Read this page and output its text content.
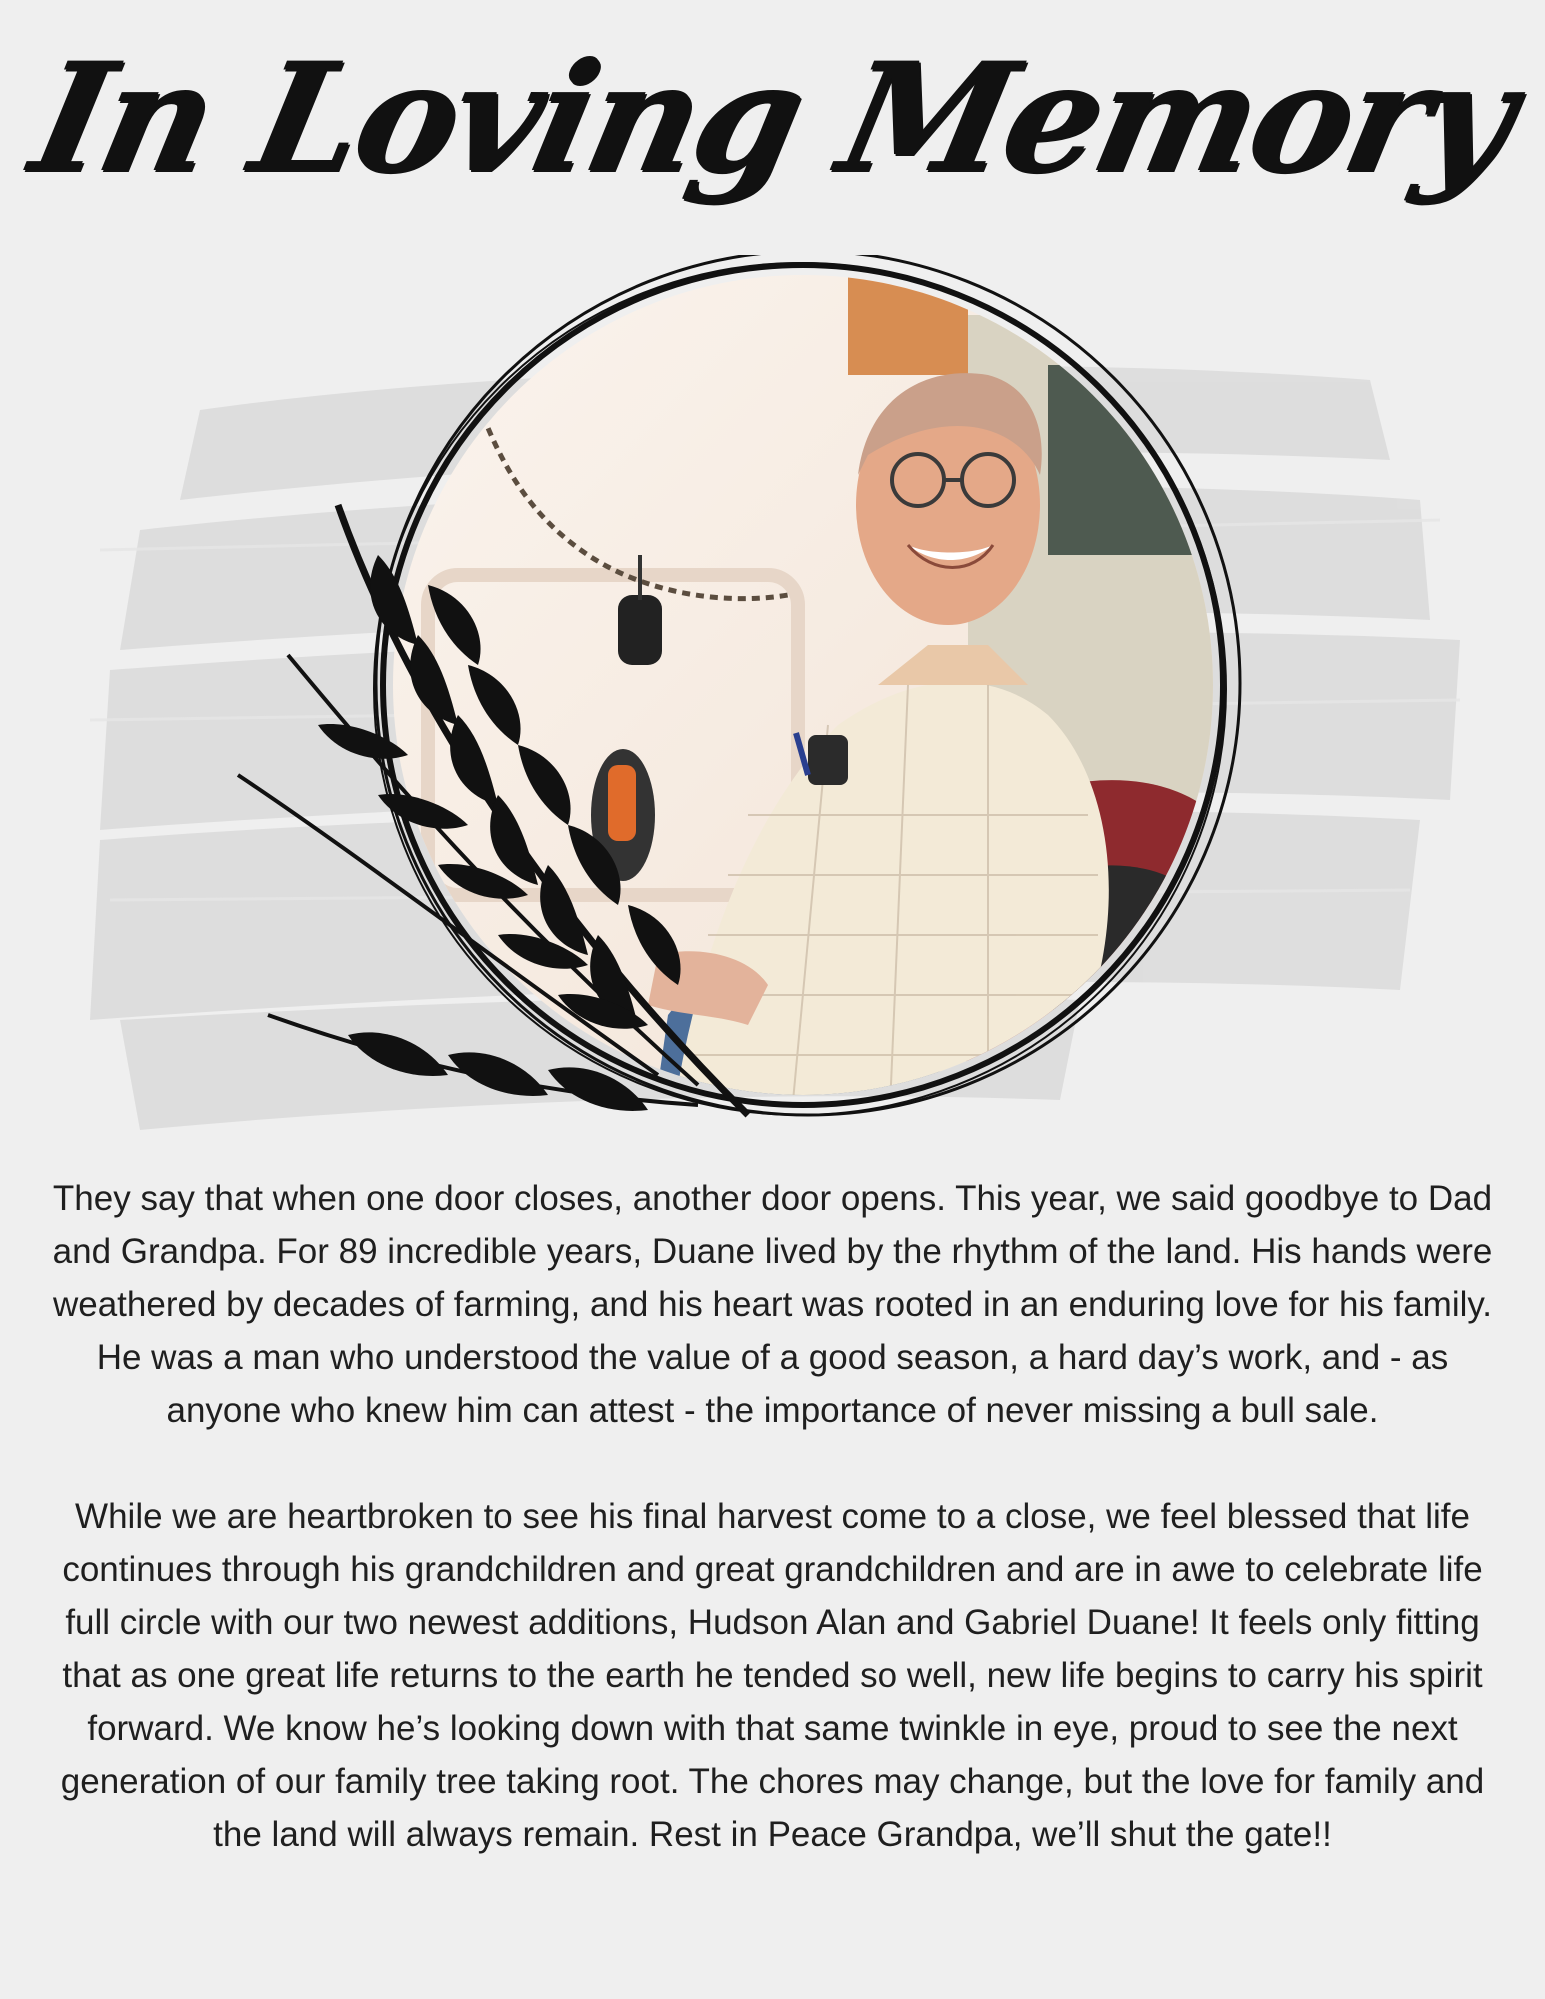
In Loving Memory

They say that when one door closes, another door opens. This year, we said goodbye to Dad and Grandpa. For 89 incredible years, Duane lived by the rhythm of the land. His hands were weathered by decades of farming, and his heart was rooted in an enduring love for his family. He was a man who understood the value of a good season, a hard day’s work, and - as anyone who knew him can attest - the importance of never missing a bull sale.

While we are heartbroken to see his final harvest come to a close, we feel blessed that life continues through his grandchildren and great grandchildren and are in awe to celebrate life full circle with our two newest additions, Hudson Alan and Gabriel Duane! It feels only fitting that as one great life returns to the earth he tended so well, new life begins to carry his spirit forward. We know he’s looking down with that same twinkle in eye, proud to see the next generation of our family tree taking root. The chores may change, but the love for family and the land will always remain. Rest in Peace Grandpa, we’ll shut the gate!!
